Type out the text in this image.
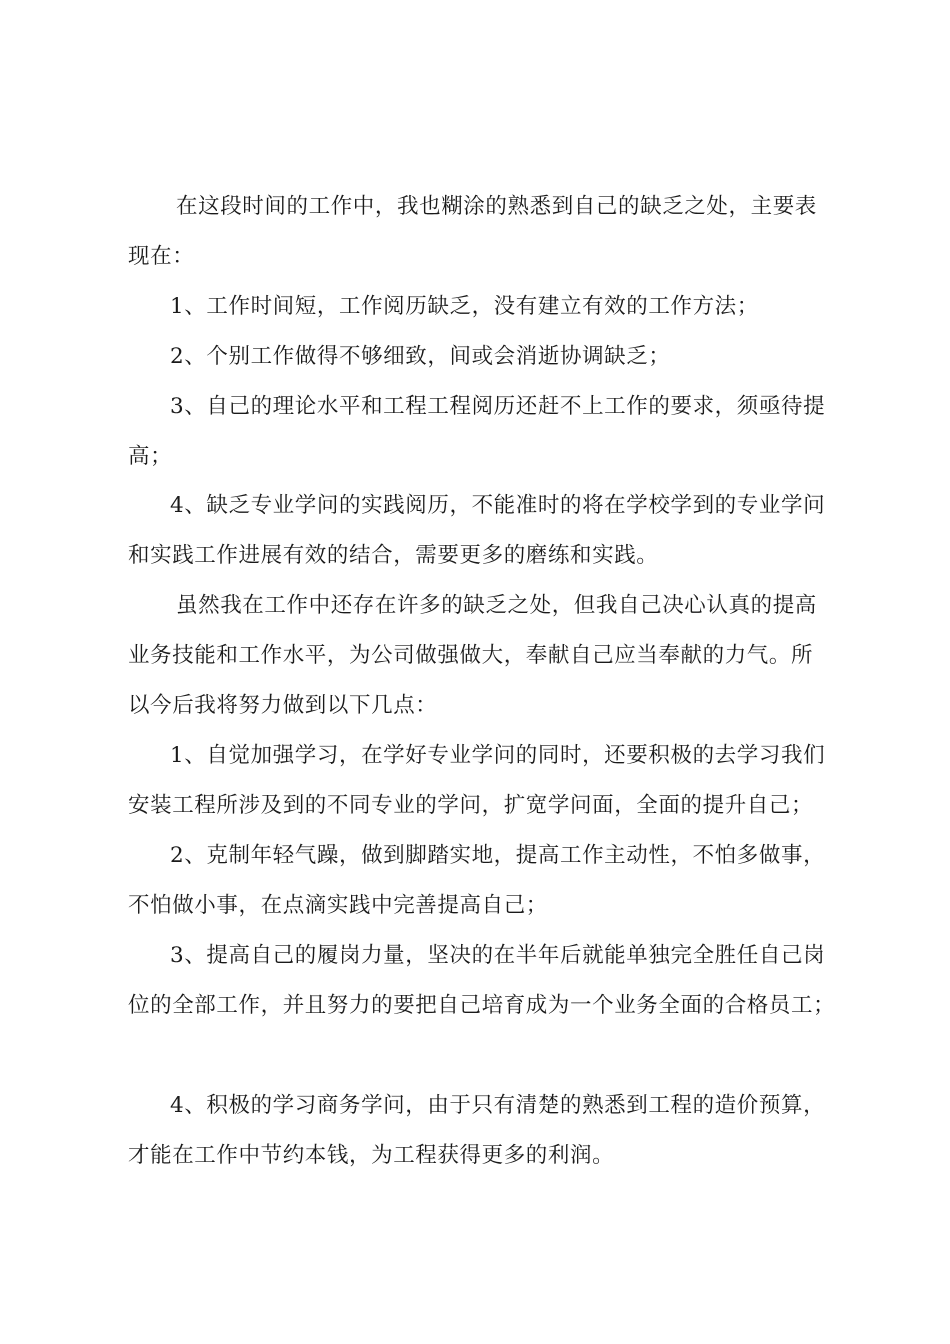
在这段时间的工作中，我也糊涂的熟悉到自己的缺乏之处，主要表
现在：
1、工作时间短，工作阅历缺乏，没有建立有效的工作方法；
2、个别工作做得不够细致，间或会消逝协调缺乏；
3、自己的理论水平和工程工程阅历还赶不上工作的要求，须亟待提
高；
4、缺乏专业学问的实践阅历，不能准时的将在学校学到的专业学问
和实践工作进展有效的结合，需要更多的磨练和实践。
虽然我在工作中还存在许多的缺乏之处，但我自己决心认真的提高
业务技能和工作水平，为公司做强做大，奉献自己应当奉献的力气。所
以今后我将努力做到以下几点：
1、自觉加强学习，在学好专业学问的同时，还要积极的去学习我们
安装工程所涉及到的不同专业的学问，扩宽学问面，全面的提升自己；
2、克制年轻气躁，做到脚踏实地，提高工作主动性，不怕多做事，
不怕做小事，在点滴实践中完善提高自己；
3、提高自己的履岗力量，坚决的在半年后就能单独完全胜任自己岗
位的全部工作，并且努力的要把自己培育成为一个业务全面的合格员工；
4、积极的学习商务学问，由于只有清楚的熟悉到工程的造价预算，
才能在工作中节约本钱，为工程获得更多的利润。
